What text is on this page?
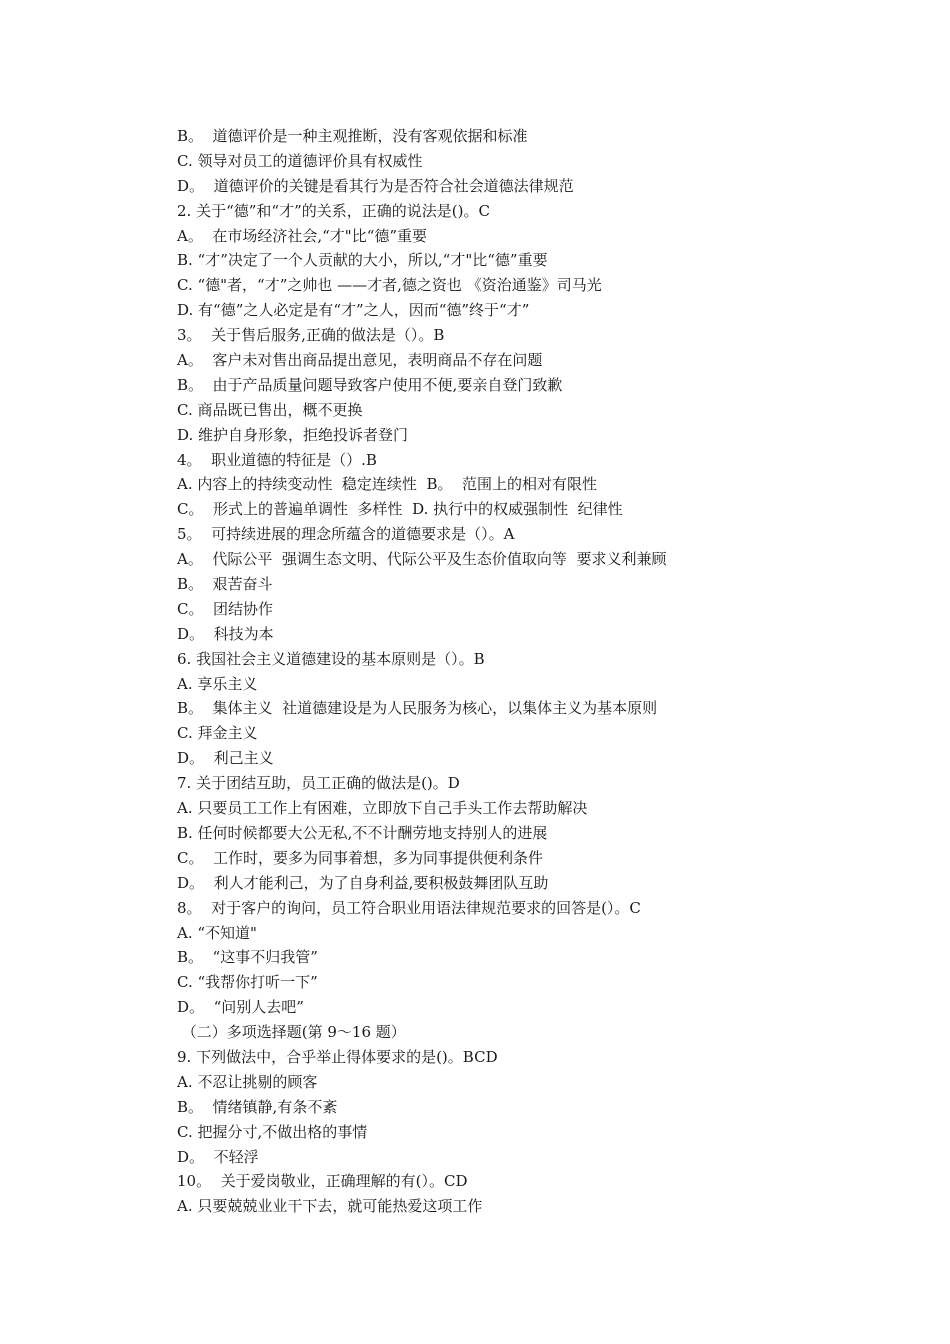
B。  道德评价是一种主观推断，没有客观依据和标准
C. 领导对员工的道德评价具有权威性
D。  道德评价的关键是看其行为是否符合社会道德法律规范
2. 关于“德”和“才”的关系，正确的说法是()。C
A。  在市场经济社会,“才"比“德”重要
B. “才”决定了一个人贡献的大小，所以,“才"比“德”重要
C. “德"者，“才”之帅也 ——才者,德之资也 《资治通鉴》司马光
D. 有“德”之人必定是有“才”之人，因而“德”终于“才”
3。  关于售后服务,正确的做法是（）。B
A。  客户未对售出商品提出意见，表明商品不存在问题
B。  由于产品质量问题导致客户使用不便,要亲自登门致歉
C. 商品既已售出，概不更换
D. 维护自身形象，拒绝投诉者登门
4。  职业道德的特征是（）.B
A. 内容上的持续变动性  稳定连续性  B。  范围上的相对有限性
C。  形式上的普遍单调性  多样性  D. 执行中的权威强制性  纪律性
5。  可持续进展的理念所蕴含的道德要求是（）。A
A。  代际公平  强调生态文明、代际公平及生态价值取向等  要求义利兼顾
B。  艰苦奋斗
C。  团结协作
D。  科技为本
6. 我国社会主义道德建设的基本原则是（）。B
A. 享乐主义
B。  集体主义  社道德建设是为人民服务为核心，以集体主义为基本原则
C. 拜金主义
D。  利己主义
7. 关于团结互助，员工正确的做法是()。D
A. 只要员工工作上有困难，立即放下自己手头工作去帮助解决
B. 任何时候都要大公无私,不不计酬劳地支持别人的进展
C。  工作时，要多为同事着想，多为同事提供便利条件
D。  利人才能利己，为了自身利益,要积极鼓舞团队互助
8。  对于客户的询问，员工符合职业用语法律规范要求的回答是(）。C
A. “不知道"
B。  “这事不归我管”
C. “我帮你打听一下”
D。  “问别人去吧”
（二）多项选择题(第 9～16 题）
9. 下列做法中，合乎举止得体要求的是()。BCD
A. 不忍让挑剔的顾客
B。  情绪镇静,有条不紊
C. 把握分寸,不做出格的事情
D。  不轻浮
10。  关于爱岗敬业，正确理解的有(）。CD
A. 只要兢兢业业干下去，就可能热爱这项工作
